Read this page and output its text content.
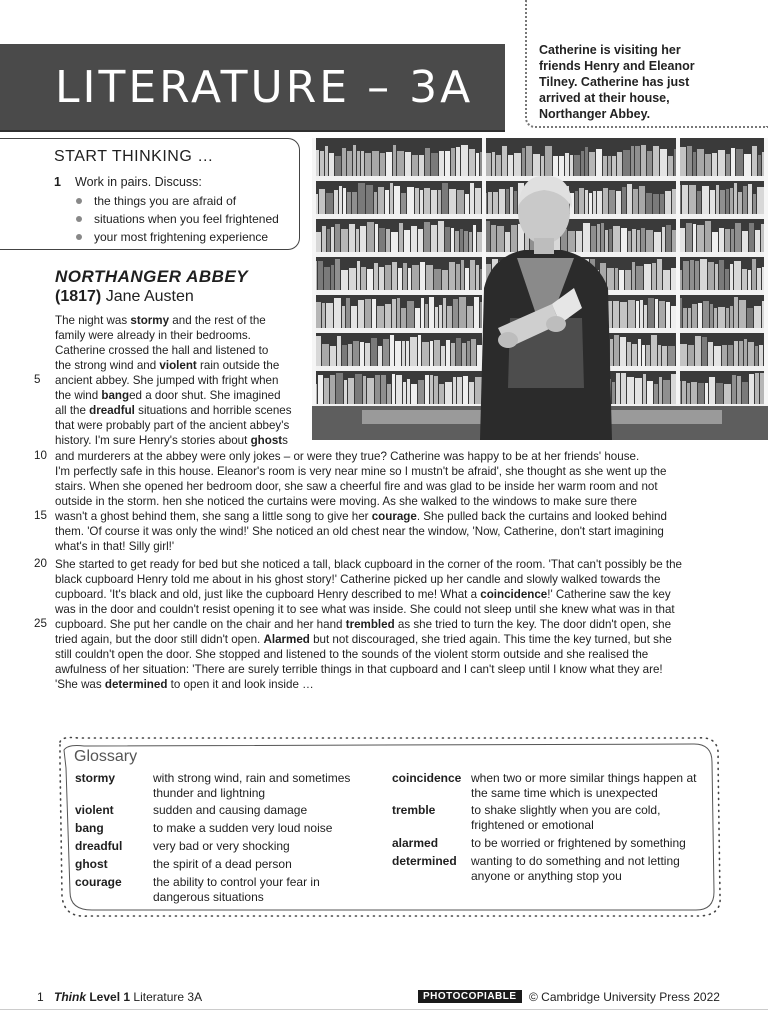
LITERATURE – 3A

Catherine is visiting her friends Henry and Eleanor Tilney. Catherine has just arrived at their house, Northanger Abbey.

START THINKING …
1 Work in pairs. Discuss:
the things you are afraid of
situations when you feel frightened
your most frightening experience
NORTHANGER ABBEY
(1817) Jane Austen
The night was stormy and the rest of the
family were already in their bedrooms.
Catherine crossed the hall and listened to
the strong wind and violent rain outside the
ancient abbey. She jumped with fright when
the wind banged a door shut. She imagined
all the dreadful situations and horrible scenes
that were probably part of the ancient abbey's
history. I'm sure Henry's stories about ghosts
and murderers at the abbey were only jokes – or were they true? Catherine was happy to be at her friends' house.
I'm perfectly safe in this house. Eleanor's room is very near mine so I mustn't be afraid', she thought as she went up the
stairs. When she opened her bedroom door, she saw a cheerful fire and was glad to be inside her warm room and not
outside in the storm. hen she noticed the curtains were moving. As she walked to the windows to make sure there
wasn't a ghost behind them, she sang a little song to give her courage. She pulled back the curtains and looked behind
them. 'Of course it was only the wind!' She noticed an old chest near the window, 'Now, Catherine, don't start imagining
what's in that! Silly girl!'
She started to get ready for bed but she noticed a tall, black cupboard in the corner of the room. 'That can't possibly be the
black cupboard Henry told me about in his ghost story!' Catherine picked up her candle and slowly walked towards the
cupboard. 'It's black and old, just like the cupboard Henry described to me! What a coincidence!' Catherine saw the key
was in the door and couldn't resist opening it to see what was inside. She could not sleep until she knew what was in that
cupboard. She put her candle on the chair and her hand trembled as she tried to turn the key. The door didn't open, she
tried again, but the door still didn't open. Alarmed but not discouraged, she tried again. This time the key turned, but she
still couldn't open the door. She stopped and listened to the sounds of the violent storm outside and she realised the
awfulness of her situation: 'There are surely terrible things in that cupboard and I can't sleep until I know what they are!
'She was determined to open it and look inside …
5
10
15
20
25
Glossary
stormy	with strong wind, rain and sometimes thunder and lightning
violent	sudden and causing damage
bang	to make a sudden very loud noise
dreadful	very bad or very shocking
ghost	the spirit of a dead person
courage	the ability to control your fear in dangerous situations
coincidence when two or more similar things happen at the same time which is unexpected
tremble	to shake slightly when you are cold, frightened or emotional
alarmed	to be worried or frightened by something
determined wanting to do something and not letting anyone or anything stop you
1 Think Level 1 Literature 3A	PHOTOCOPIABLE	© Cambridge University Press 2022
